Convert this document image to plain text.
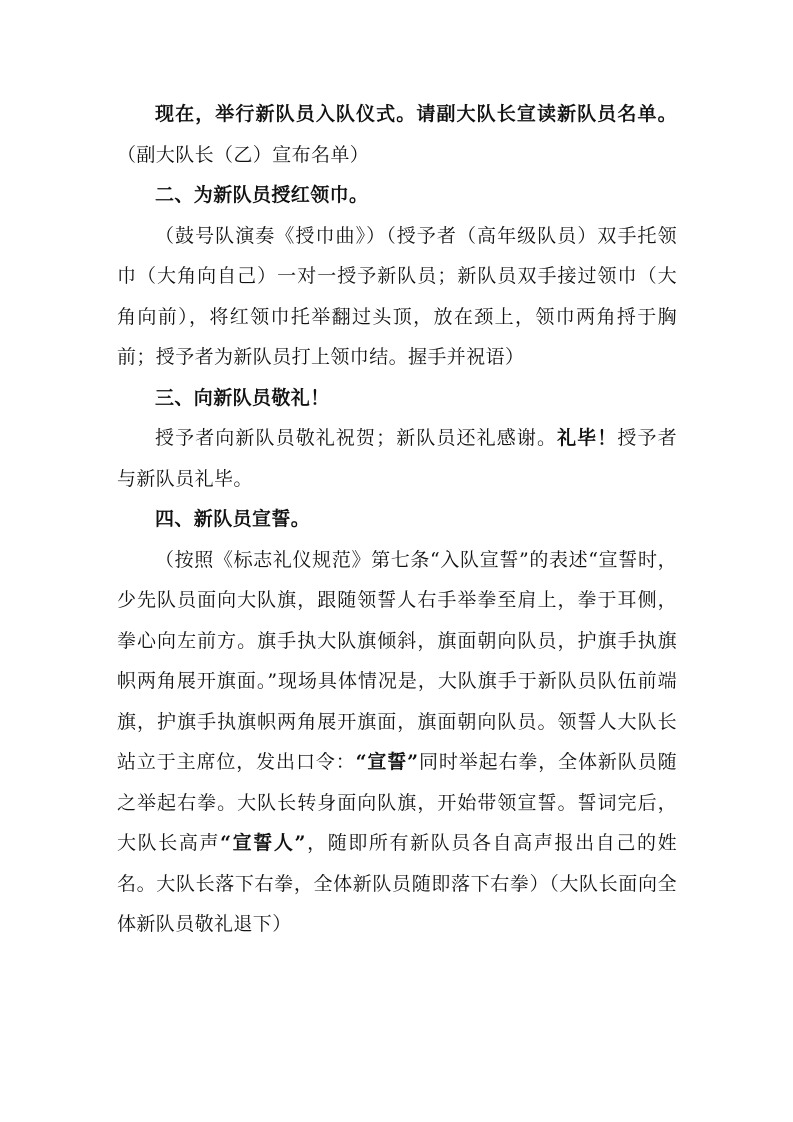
现在，举行新队员入队仪式。请副大队长宣读新队员名单。（副大队长（乙）宣布名单）

二、为新队员授红领巾。

（鼓号队演奏《授巾曲》）（授予者（高年级队员）双手托领巾（大角向自己）一对一授予新队员；新队员双手接过领巾（大角向前），将红领巾托举翻过头顶，放在颈上，领巾两角捋于胸前；授予者为新队员打上领巾结。握手并祝语）

三、向新队员敬礼！

授予者向新队员敬礼祝贺；新队员还礼感谢。礼毕！授予者与新队员礼毕。

四、新队员宣誓。

（按照《标志礼仪规范》第七条“入队宣誓”的表述“宣誓时，少先队员面向大队旗，跟随领誓人右手举拳至肩上，拳于耳侧，拳心向左前方。旗手执大队旗倾斜，旗面朝向队员，护旗手执旗帜两角展开旗面。”现场具体情况是，大队旗手于新队员队伍前端旗，护旗手执旗帜两角展开旗面，旗面朝向队员。领誓人大队长站立于主席位，发出口令：“宣誓”同时举起右拳，全体新队员随之举起右拳。大队长转身面向队旗，开始带领宣誓。誓词完后，大队长高声“宣誓人”，随即所有新队员各自高声报出自己的姓名。大队长落下右拳，全体新队员随即落下右拳）（大队长面向全体新队员敬礼退下）
